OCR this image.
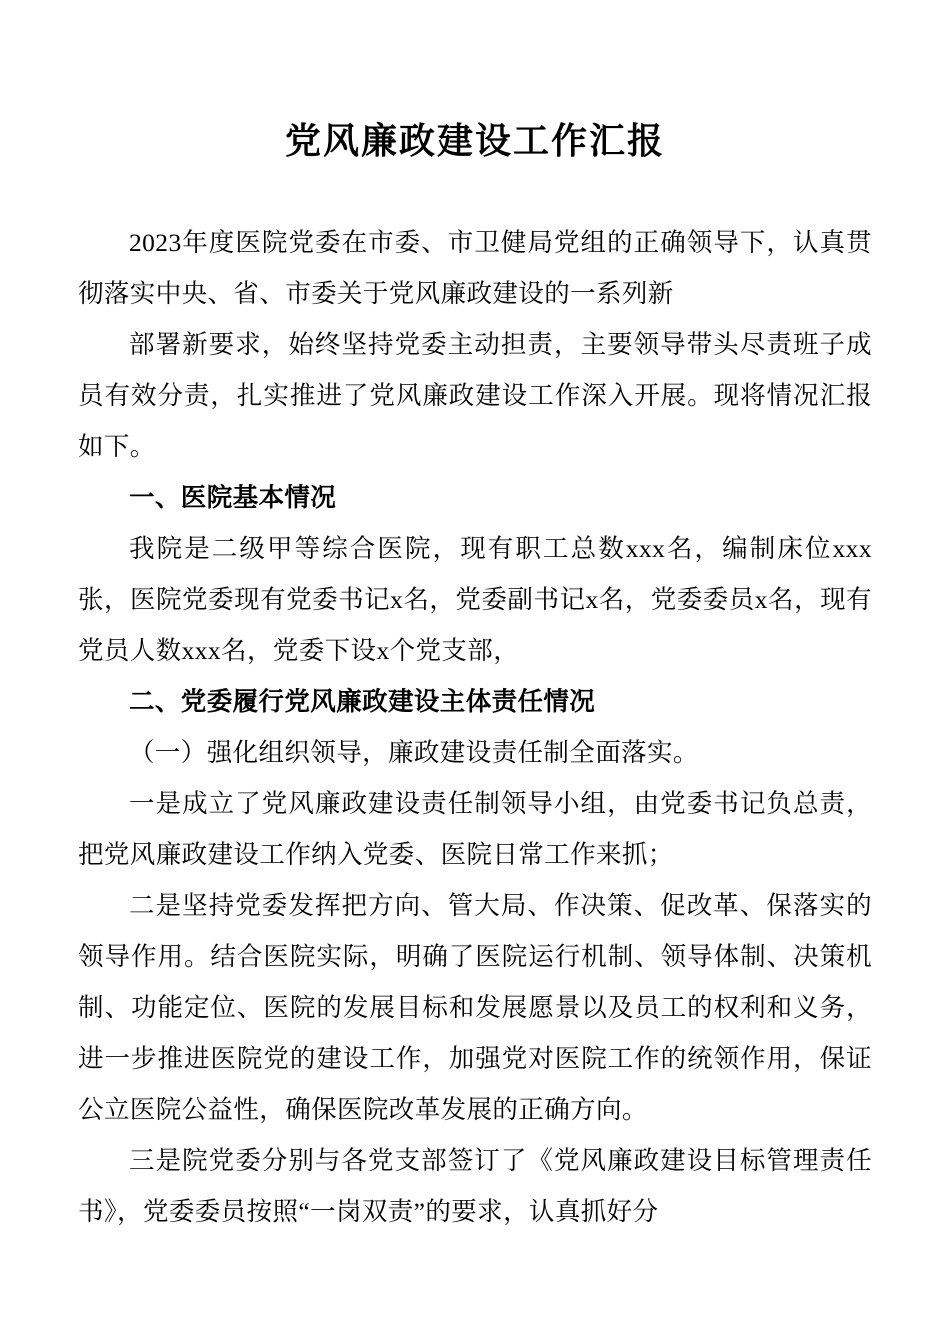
党风廉政建设工作汇报

2023年度医院党委在市委、市卫健局党组的正确领导下，认真贯彻落实中央、省、市委关于党风廉政建设的一系列新

部署新要求，始终坚持党委主动担责，主要领导带头尽责班子成员有效分责，扎实推进了党风廉政建设工作深入开展。现将情况汇报如下。

一、医院基本情况

我院是二级甲等综合医院，现有职工总数xxx名，编制床位xxx张，医院党委现有党委书记x名，党委副书记x名，党委委员x名，现有党员人数xxx名，党委下设x个党支部，

二、党委履行党风廉政建设主体责任情况

（一）强化组织领导，廉政建设责任制全面落实。

一是成立了党风廉政建设责任制领导小组，由党委书记负总责，把党风廉政建设工作纳入党委、医院日常工作来抓；

二是坚持党委发挥把方向、管大局、作决策、促改革、保落实的领导作用。结合医院实际，明确了医院运行机制、领导体制、决策机制、功能定位、医院的发展目标和发展愿景以及员工的权利和义务，进一步推进医院党的建设工作，加强党对医院工作的统领作用，保证公立医院公益性，确保医院改革发展的正确方向。

三是院党委分别与各党支部签订了《党风廉政建设目标管理责任书》，党委委员按照“一岗双责”的要求，认真抓好分
